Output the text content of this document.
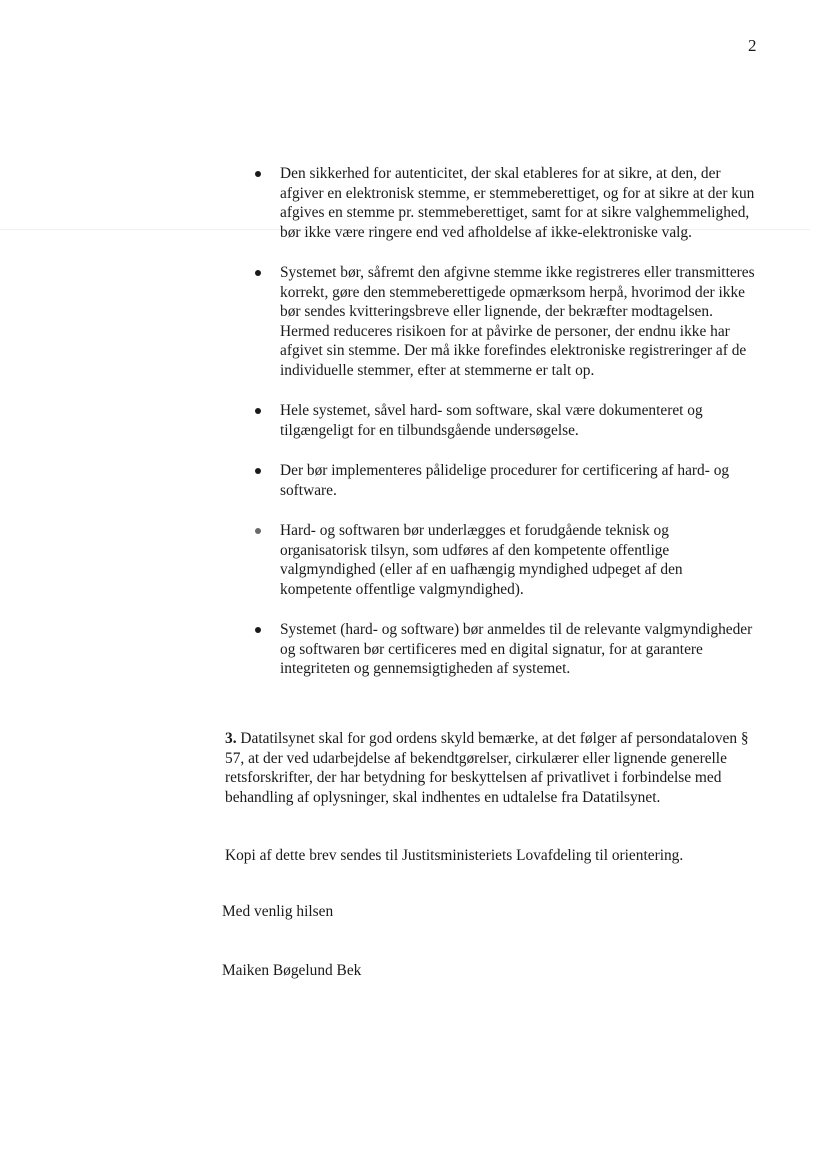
2
Den sikkerhed for autenticitet, der skal etableres for at sikre, at den, der afgiver en elektronisk stemme, er stemmeberettiget, og for at sikre at der kun afgives en stemme pr. stemmeberettiget, samt for at sikre valghemmelighed, bør ikke være ringere end ved afholdelse af ikke-elektroniske valg.
Systemet bør, såfremt den afgivne stemme ikke registreres eller transmitteres korrekt, gøre den stemmeberettigede opmærksom herpå, hvorimod der ikke bør sendes kvitteringsbreve eller lignende, der bekræfter modtagelsen. Hermed reduceres risikoen for at påvirke de personer, der endnu ikke har afgivet sin stemme. Der må ikke forefindes elektroniske registreringer af de individuelle stemmer, efter at stemmerne er talt op.
Hele systemet, såvel hard- som software, skal være dokumenteret og tilgængeligt for en tilbundsgående undersøgelse.
Der bør implementeres pålidelige procedurer for certificering af hard- og software.
Hard- og softwaren bør underlægges et forudgående teknisk og organisatorisk tilsyn, som udføres af den kompetente offentlige valgmyndighed (eller af en uafhængig myndighed udpeget af den kompetente offentlige valgmyndighed).
Systemet (hard- og software) bør anmeldes til de relevante valgmyndigheder og softwaren bør certificeres med en digital signatur, for at garantere integriteten og gennemsigtigheden af systemet.

3. Datatilsynet skal for god ordens skyld bemærke, at det følger af persondataloven § 57, at der ved udarbejdelse af bekendtgørelser, cirkulærer eller lignende generelle retsforskrifter, der har betydning for beskyttelsen af privatlivet i forbindelse med behandling af oplysninger, skal indhentes en udtalelse fra Datatilsynet.

Kopi af dette brev sendes til Justitsministeriets Lovafdeling til orientering.

Med venlig hilsen

Maiken Bøgelund Bek
